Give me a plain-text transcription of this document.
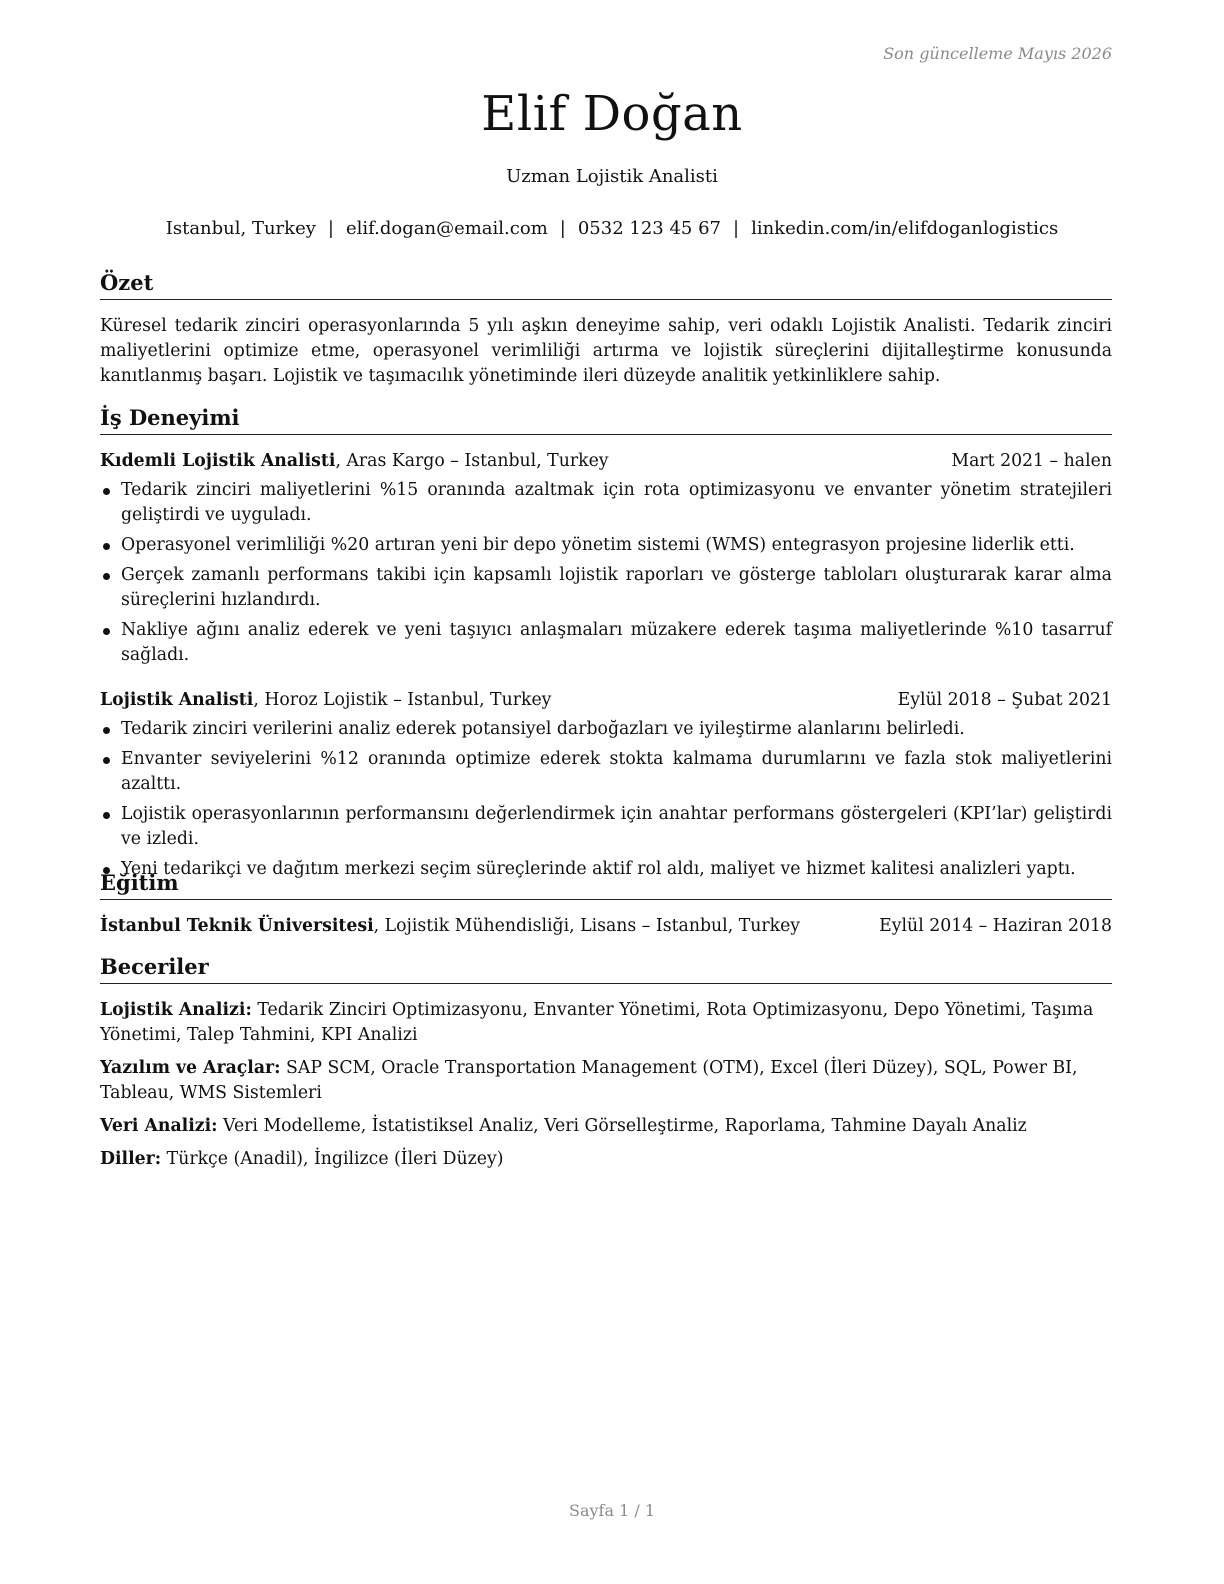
Son güncelleme Mayıs 2026
Elif Doğan
Uzman Lojistik Analisti
Istanbul, Turkey | elif.dogan@email.com | 0532 123 45 67 | linkedin.com/in/elifdoganlogistics
Özet
Küresel tedarik zinciri operasyonlarında 5 yılı aşkın deneyime sahip, veri odaklı Lojistik Analisti. Tedarik zinciri maliyetlerini optimize etme, operasyonel verimliliği artırma ve lojistik süreçlerini dijitalleştirme konusunda kanıtlanmış başarı. Lojistik ve taşımacılık yönetiminde ileri düzeyde analitik yetkinliklere sahip.
İş Deneyimi
Kıdemli Lojistik Analisti, Aras Kargo – Istanbul, Turkey	Mart 2021 – halen
Tedarik zinciri maliyetlerini %15 oranında azaltmak için rota optimizasyonu ve envanter yönetim stratejileri geliştirdi ve uyguladı.
Operasyonel verimliliği %20 artıran yeni bir depo yönetim sistemi (WMS) entegrasyon projesine liderlik etti.
Gerçek zamanlı performans takibi için kapsamlı lojistik raporları ve gösterge tabloları oluşturarak karar alma süreçlerini hızlandırdı.
Nakliye ağını analiz ederek ve yeni taşıyıcı anlaşmaları müzakere ederek taşıma maliyetlerinde %10 tasarruf sağladı.
Lojistik Analisti, Horoz Lojistik – Istanbul, Turkey	Eylül 2018 – Şubat 2021
Tedarik zinciri verilerini analiz ederek potansiyel darboğazları ve iyileştirme alanlarını belirledi.
Envanter seviyelerini %12 oranında optimize ederek stokta kalmama durumlarını ve fazla stok maliyetlerini azalttı.
Lojistik operasyonlarının performansını değerlendirmek için anahtar performans göstergeleri (KPI’lar) geliştirdi ve izledi.
Yeni tedarikçi ve dağıtım merkezi seçim süreçlerinde aktif rol aldı, maliyet ve hizmet kalitesi analizleri yaptı.
Eğitim
İstanbul Teknik Üniversitesi, Lojistik Mühendisliği, Lisans – Istanbul, Turkey	Eylül 2014 – Haziran 2018
Beceriler
Lojistik Analizi: Tedarik Zinciri Optimizasyonu, Envanter Yönetimi, Rota Optimizasyonu, Depo Yönetimi, Taşıma Yönetimi, Talep Tahmini, KPI Analizi
Yazılım ve Araçlar: SAP SCM, Oracle Transportation Management (OTM), Excel (İleri Düzey), SQL, Power BI, Tableau, WMS Sistemleri
Veri Analizi: Veri Modelleme, İstatistiksel Analiz, Veri Görselleştirme, Raporlama, Tahmine Dayalı Analiz
Diller: Türkçe (Anadil), İngilizce (İleri Düzey)
Sayfa 1 / 1
